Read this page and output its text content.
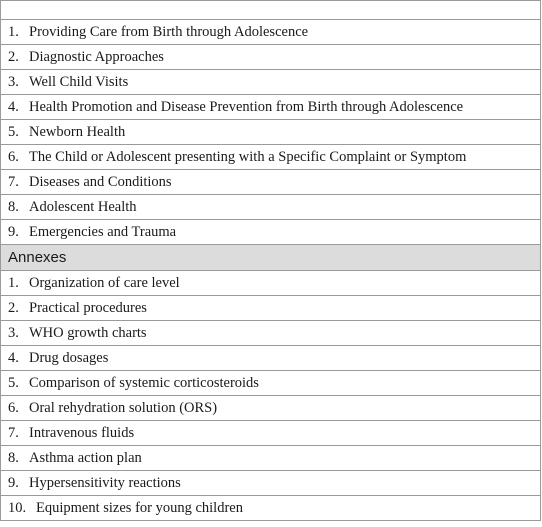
1. Providing Care from Birth through Adolescence
2. Diagnostic Approaches
3. Well Child Visits
4. Health Promotion and Disease Prevention from Birth through Adolescence
5. Newborn Health
6. The Child or Adolescent presenting with a Specific Complaint or Symptom
7. Diseases and Conditions
8. Adolescent Health
9. Emergencies and Trauma
Annexes
1. Organization of care level
2. Practical procedures
3. WHO growth charts
4. Drug dosages
5. Comparison of systemic corticosteroids
6. Oral rehydration solution (ORS)
7. Intravenous fluids
8. Asthma action plan
9. Hypersensitivity reactions
10. Equipment sizes for young children
